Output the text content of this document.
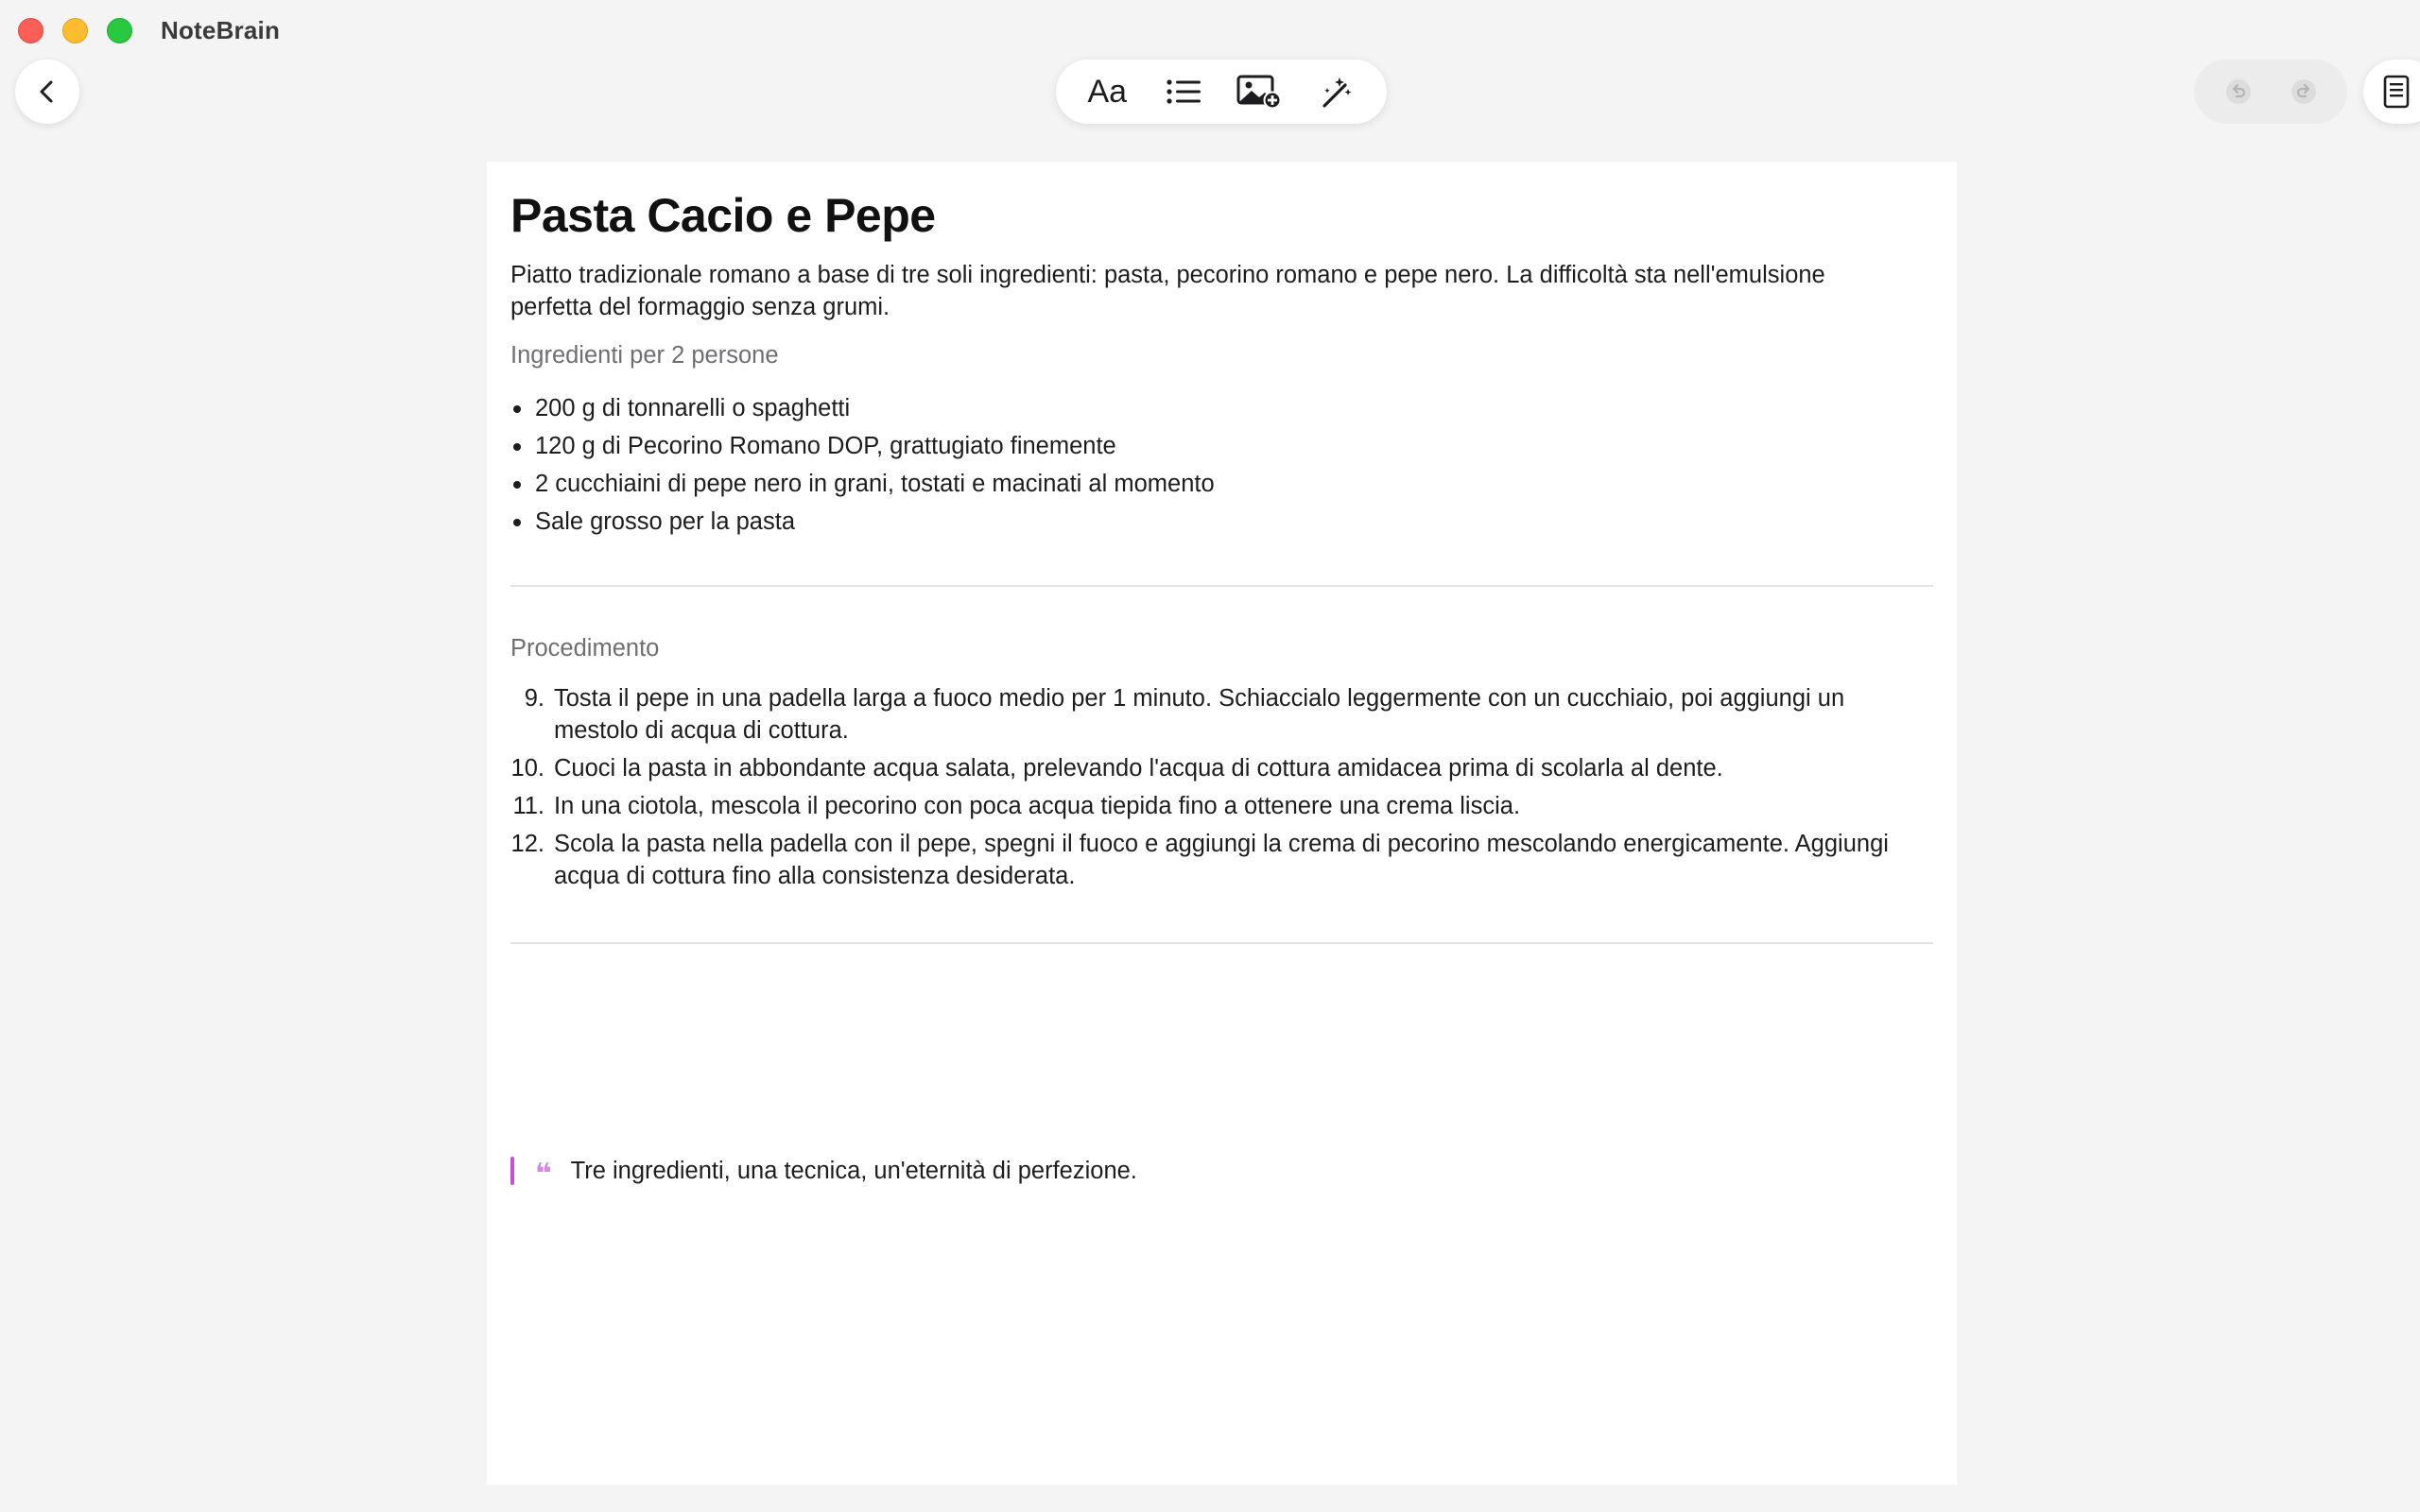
NoteBrain
Aa
Pasta Cacio e Pepe

Piatto tradizionale romano a base di tre soli ingredienti: pasta, pecorino romano e pepe nero. La difficoltà sta nell'emulsione perfetta del formaggio senza grumi.

Ingredienti per 2 persone

200 g di tonnarelli o spaghetti
120 g di Pecorino Romano DOP, grattugiato finemente
2 cucchiaini di pepe nero in grani, tostati e macinati al momento
Sale grosso per la pasta

Procedimento

9. Tosta il pepe in una padella larga a fuoco medio per 1 minuto. Schiaccialo leggermente con un cucchiaio, poi aggiungi un mestolo di acqua di cottura.
10. Cuoci la pasta in abbondante acqua salata, prelevando l'acqua di cottura amidacea prima di scolarla al dente.
11. In una ciotola, mescola il pecorino con poca acqua tiepida fino a ottenere una crema liscia.
12. Scola la pasta nella padella con il pepe, spegni il fuoco e aggiungi la crema di pecorino mescolando energicamente. Aggiungi acqua di cottura fino alla consistenza desiderata.
❝ Tre ingredienti, una tecnica, un'eternità di perfezione.
